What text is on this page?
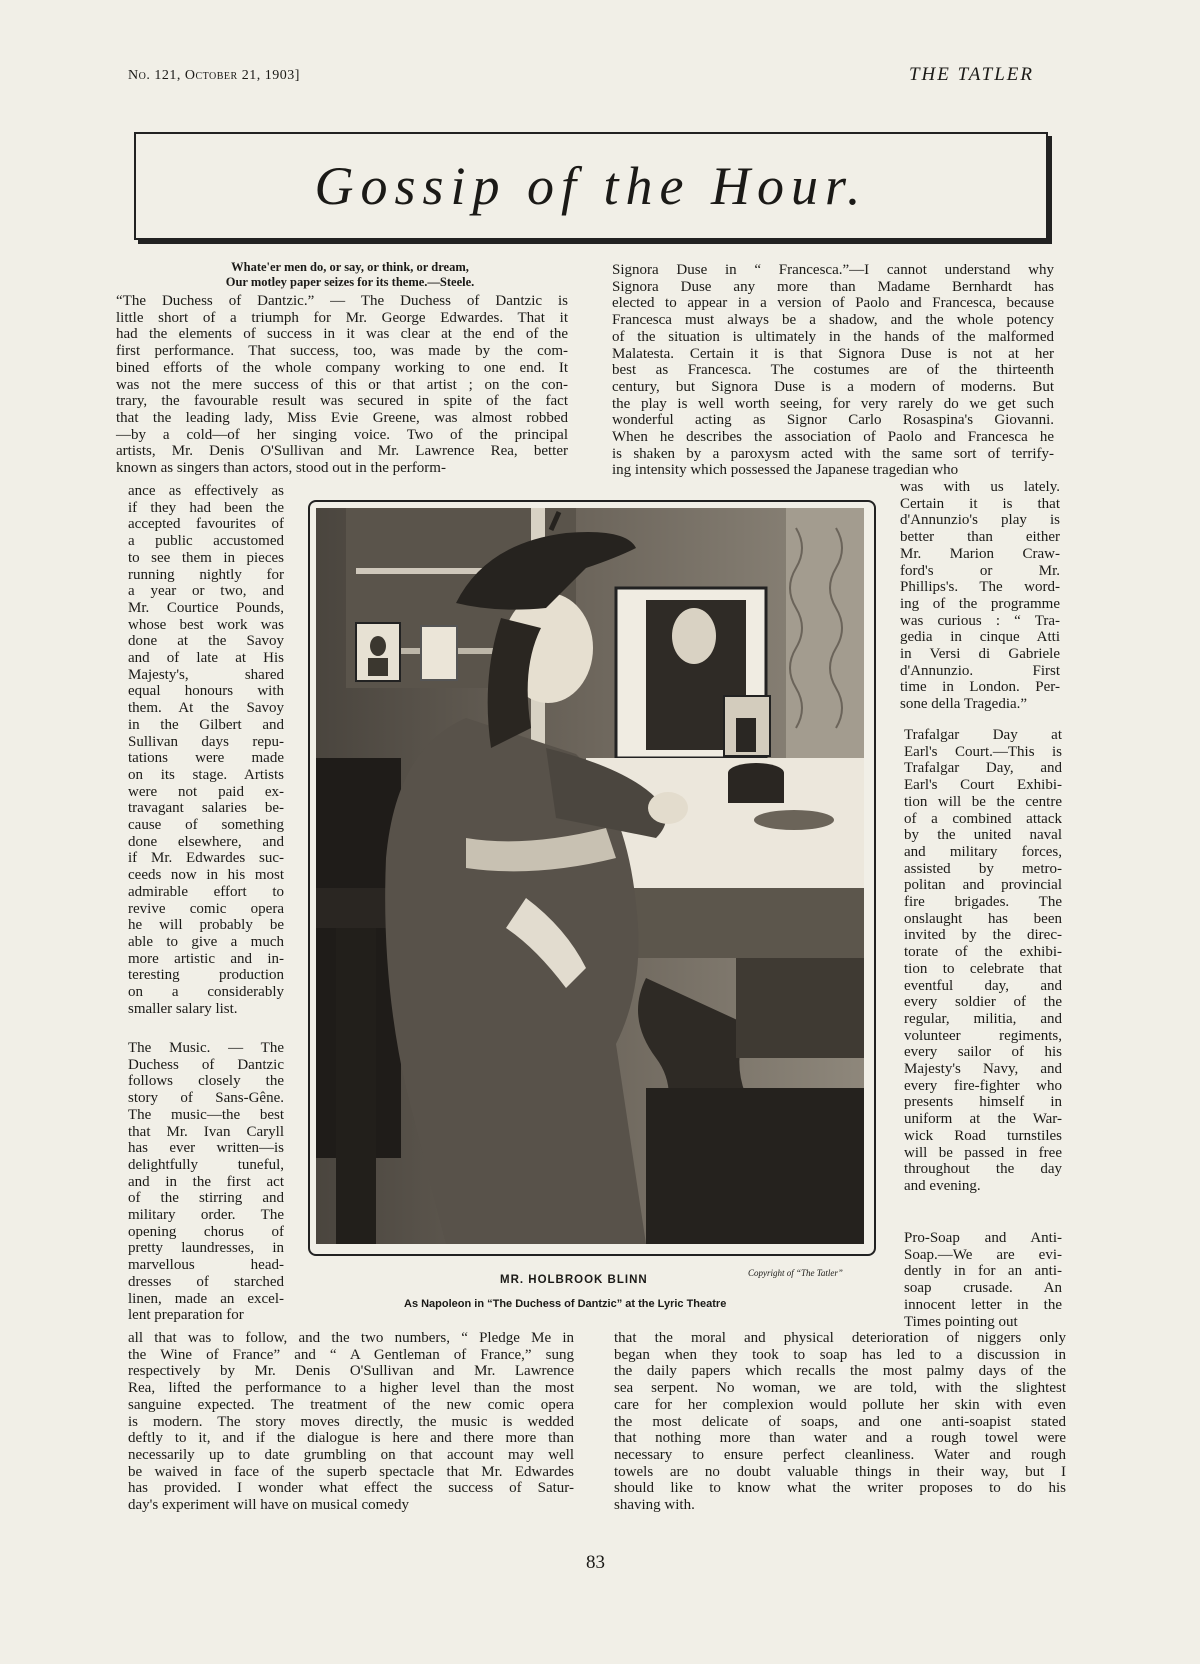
No. 121, October 21, 1903]	THE TATLER
Gossip of the Hour.
Whate'er men do, or say, or think, or dream,
Our motley paper seizes for its theme.—Steele.
“The Duchess of Dantzic.” — The Duchess of Dantzic is
little short of a triumph for Mr. George Edwardes. That it
had the elements of success in it was clear at the end of the
first performance. That success, too, was made by the com-
bined efforts of the whole company working to one end. It
was not the mere success of this or that artist ; on the con-
trary, the favourable result was secured in spite of the fact
that the leading lady, Miss Evie Greene, was almost robbed
—by a cold—of her singing voice. Two of the principal
artists, Mr. Denis O'Sullivan and Mr. Lawrence Rea, better
known as singers than actors, stood out in the perform-
ance as effectively as
if they had been the
accepted favourites of
a public accustomed
to see them in pieces
running nightly for
a year or two, and
Mr. Courtice Pounds,
whose best work was
done at the Savoy
and of late at His
Majesty's, shared
equal honours with
them. At the Savoy
in the Gilbert and
Sullivan days repu-
tations were made
on its stage. Artists
were not paid ex-
travagant salaries be-
cause of something
done elsewhere, and
if Mr. Edwardes suc-
ceeds now in his most
admirable effort to
revive comic opera
he will probably be
able to give a much
more artistic and in-
teresting production
on a considerably
smaller salary list.
The Music. — The
Duchess of Dantzic
follows closely the
story of Sans-Gêne.
The music—the best
that Mr. Ivan Caryll
has ever written—is
delightfully tuneful,
and in the first act
of the stirring and
military order. The
opening chorus of
pretty laundresses, in
marvellous head-
dresses of starched
linen, made an excel-
lent preparation for
all that was to follow, and the two numbers, “ Pledge Me in
the Wine of France” and “ A Gentleman of France,” sung
respectively by Mr. Denis O'Sullivan and Mr. Lawrence
Rea, lifted the performance to a higher level than the most
sanguine expected. The treatment of the new comic opera
is modern. The story moves directly, the music is wedded
deftly to it, and if the dialogue is here and there more than
necessarily up to date grumbling on that account may well
be waived in face of the superb spectacle that Mr. Edwardes
has provided. I wonder what effect the success of Satur-
day's experiment will have on musical comedy
Signora Duse in “ Francesca.”—I cannot understand why
Signora Duse any more than Madame Bernhardt has
elected to appear in a version of Paolo and Francesca, because
Francesca must always be a shadow, and the whole potency
of the situation is ultimately in the hands of the malformed
Malatesta. Certain it is that Signora Duse is not at her
best as Francesca. The costumes are of the thirteenth
century, but Signora Duse is a modern of moderns. But
the play is well worth seeing, for very rarely do we get such
wonderful acting as Signor Carlo Rosaspina's Giovanni.
When he describes the association of Paolo and Francesca he
is shaken by a paroxysm acted with the same sort of terrify-
ing intensity which possessed the Japanese tragedian who
was with us lately.
Certain it is that
d'Annunzio's play is
better than either
Mr. Marion Craw-
ford's or Mr.
Phillips's. The word-
ing of the programme
was curious : “ Tra-
gedia in cinque Atti
in Versi di Gabriele
d'Annunzio. First
time in London. Per-
sone della Tragedia.”
Trafalgar Day at
Earl's Court.—This is
Trafalgar Day, and
Earl's Court Exhibi-
tion will be the centre
of a combined attack
by the united naval
and military forces,
assisted by metro-
politan and provincial
fire brigades. The
onslaught has been
invited by the direc-
torate of the exhibi-
tion to celebrate that
eventful day, and
every soldier of the
regular, militia, and
volunteer regiments,
every sailor of his
Majesty's Navy, and
every fire-fighter who
presents himself in
uniform at the War-
wick Road turnstiles
will be passed in free
throughout the day
and evening.
Pro-Soap and Anti-
Soap.—We are evi-
dently in for an anti-
soap crusade. An
innocent letter in the
Times pointing out
that the moral and physical deterioration of niggers only
began when they took to soap has led to a discussion in
the daily papers which recalls the most palmy days of the
sea serpent. No woman, we are told, with the slightest
care for her complexion would pollute her skin with even
the most delicate of soaps, and one anti-soapist stated
that nothing more than water and a rough towel were
necessary to ensure perfect cleanliness. Water and rough
towels are no doubt valuable things in their way, but I
should like to know what the writer proposes to do his
shaving with.
MR. HOLBROOK BLINN
Copyright of “The Tatler”
As Napoleon in “The Duchess of Dantzic” at the Lyric Theatre
83
